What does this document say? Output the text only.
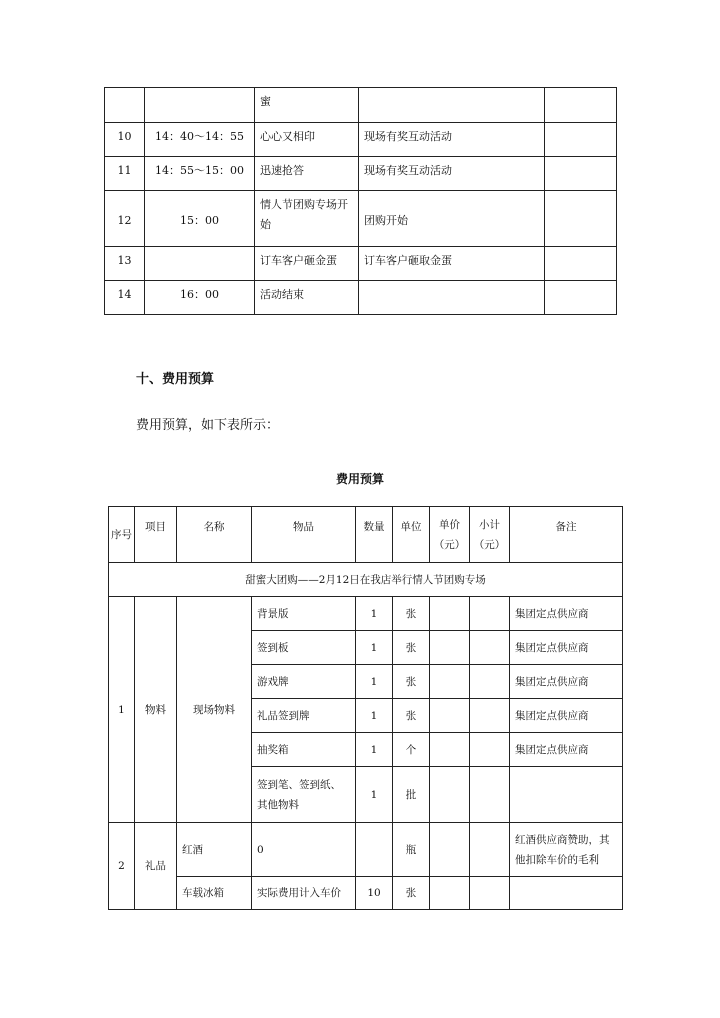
		蜜		
10	14：40～14：55	心心又相印	现场有奖互动活动	
11	14：55～15：00	迅速抢答	现场有奖互动活动	
12	15：00	情人节团购专场开始	团购开始	
13		订车客户砸金蛋	订车客户砸取金蛋	
14	16：00	活动结束		
十、费用预算
费用预算，如下表所示：
费用预算
序号	项目	名称	物品	数量	单位	单价（元）	小计（元）	备注
甜蜜大团购——2月12日在我店举行情人节团购专场								
1	物料	现场物料	背景版	1	张			集团定点供应商
			签到板	1	张			集团定点供应商
			游戏牌	1	张			集团定点供应商
			礼品签到牌	1	张			集团定点供应商
			抽奖箱	1	个			集团定点供应商
			签到笔、签到纸、其他物料	1	批			
2	礼品	红酒	0		瓶			红酒供应商赞助，其他扣除车价的毛利
		车载冰箱	实际费用计入车价	10	张			
